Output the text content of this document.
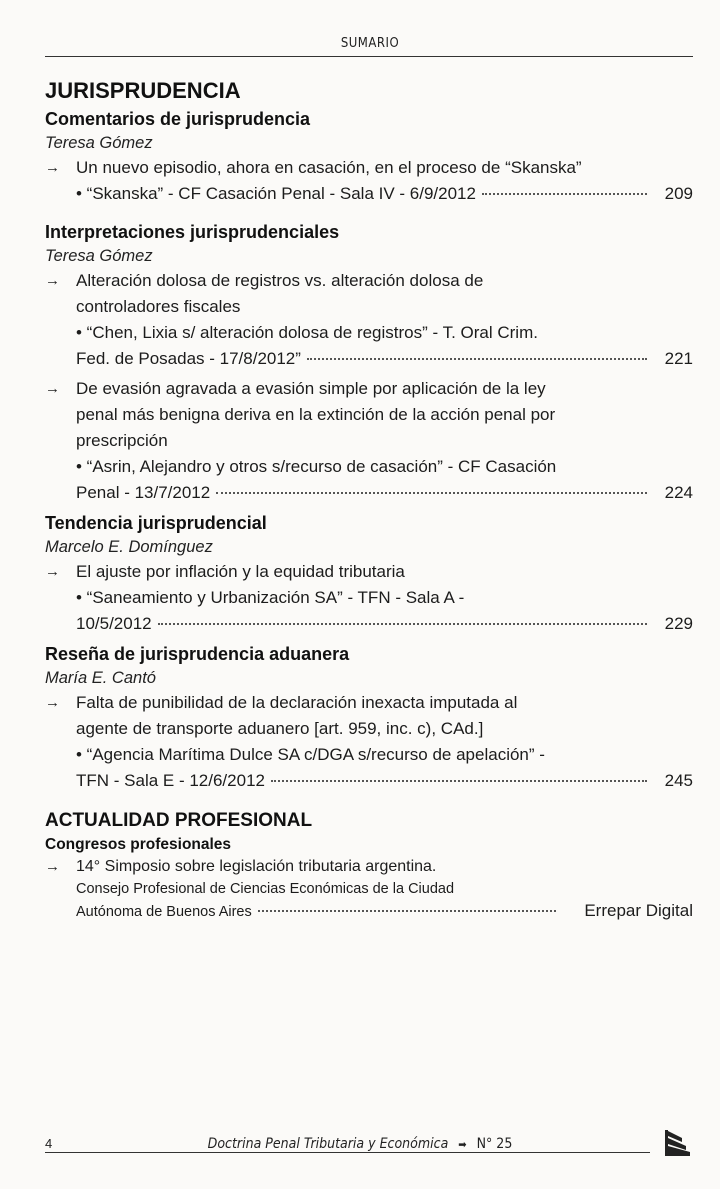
SUMARIO
JURISPRUDENCIA
Comentarios de jurisprudencia
Teresa Gómez
→ Un nuevo episodio, ahora en casación, en el proceso de “Skanska”
• “Skanska” - CF Casación Penal - Sala IV - 6/9/2012	209
Interpretaciones jurisprudenciales
Teresa Gómez
→ Alteración dolosa de registros vs. alteración dolosa de
controladores fiscales
• “Chen, Lixia s/ alteración dolosa de registros” - T. Oral Crim.
Fed. de Posadas - 17/8/2012”	221
→ De evasión agravada a evasión simple por aplicación de la ley
penal más benigna deriva en la extinción de la acción penal por
prescripción
• “Asrin, Alejandro y otros s/recurso de casación” - CF Casación
Penal - 13/7/2012	224
Tendencia jurisprudencial
Marcelo E. Domínguez
→ El ajuste por inflación y la equidad tributaria
• “Saneamiento y Urbanización SA” - TFN - Sala A -
10/5/2012	229
Reseña de jurisprudencia aduanera
María E. Cantó
→ Falta de punibilidad de la declaración inexacta imputada al
agente de transporte aduanero [art. 959, inc. c), CAd.]
• “Agencia Marítima Dulce SA c/DGA s/recurso de apelación” -
TFN - Sala E - 12/6/2012	245
ACTUALIDAD PROFESIONAL
Congresos profesionales
→	14° Simposio sobre legislación tributaria argentina.
Consejo Profesional de Ciencias Económicas de la Ciudad
Autónoma de Buenos Aires	Errepar Digital
4	Doctrina Penal Tributaria y Económica ➡ N° 25
